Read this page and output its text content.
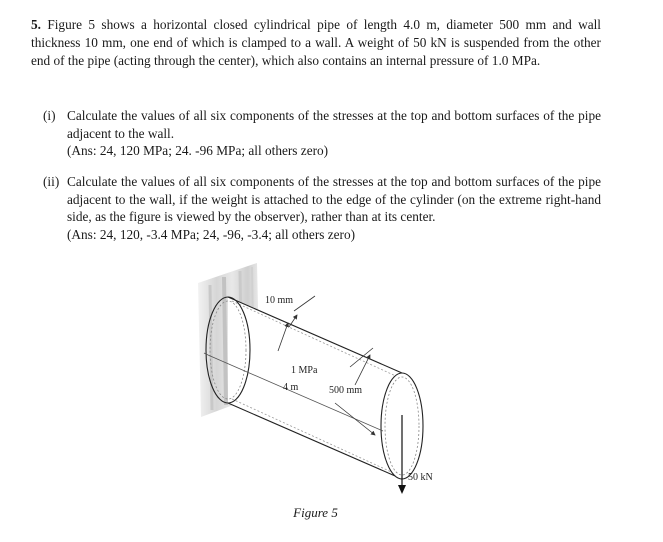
5. Figure 5 shows a horizontal closed cylindrical pipe of length 4.0 m, diameter 500 mm and wall thickness 10 mm, one end of which is clamped to a wall. A weight of 50 kN is suspended from the other end of the pipe (acting through the center), which also contains an internal pressure of 1.0 MPa.
(i) Calculate the values of all six components of the stresses at the top and bottom surfaces of the pipe adjacent to the wall.
(Ans: 24, 120 MPa; 24. -96 MPa; all others zero)
(ii) Calculate the values of all six components of the stresses at the top and bottom surfaces of the pipe adjacent to the wall, if the weight is attached to the edge of the cylinder (on the extreme right-hand side, as the figure is viewed by the observer), rather than at its center.
(Ans: 24, 120, -3.4 MPa; 24, -96, -3.4; all others zero)
10 mm
1 MPa
4 m	500 mm
50 kN
Figure 5
